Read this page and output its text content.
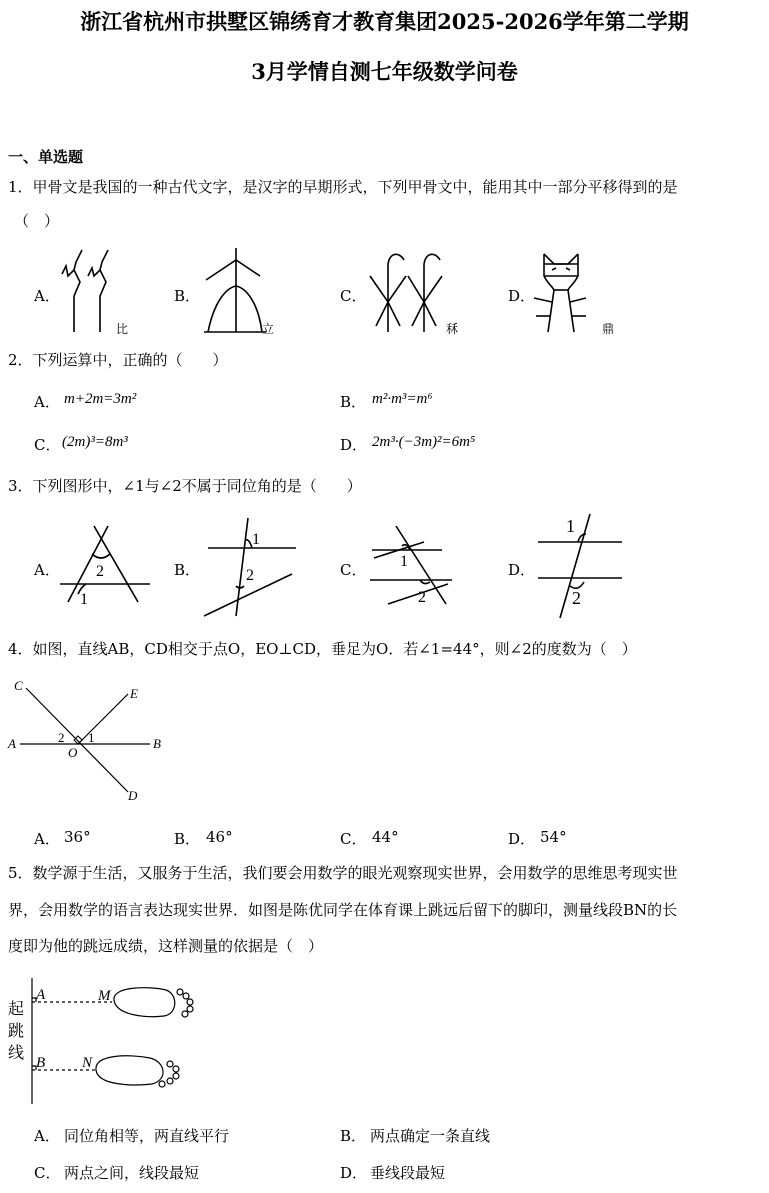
浙江省杭州市拱墅区锦绣育才教育集团2025-2026学年第二学期
3月学情自测七年级数学问卷
一、单选题
1．甲骨文是我国的一种古代文字，是汉字的早期形式，下列甲骨文中，能用其中一部分平移得到的是
（　）
A．
比
B．
立
C．
秝
D．
鼎
2．下列运算中，正确的（　　）
A． m+2m=3m²	B． m²·m³=m⁶
C． (2m)³=8m³	D． 2m³·(−3m)²=6m⁵
3．下列图形中，∠1与∠2不属于同位角的是（　　）
A． 2
1
B．
1
2	C． 1
2
D．
1
2
4．如图，直线AB，CD相交于点O，EO⊥CD，垂足为O．若∠1=44°，则∠2的度数为（　）
C
E
A	B
O
D
1
2
A． 36°	B． 46°	C． 44°	D． 54°
5．数学源于生活，又服务于生活，我们要会用数学的眼光观察现实世界，会用数学的思维思考现实世
界，会用数学的语言表达现实世界．如图是陈优同学在体育课上跳远后留下的脚印，测量线段BN的长
度即为他的跳远成绩，这样测量的依据是（　）
A	M
B N
起跳线
A． 同位角相等，两直线平行	B． 两点确定一条直线
C． 两点之间，线段最短	D． 垂线段最短
